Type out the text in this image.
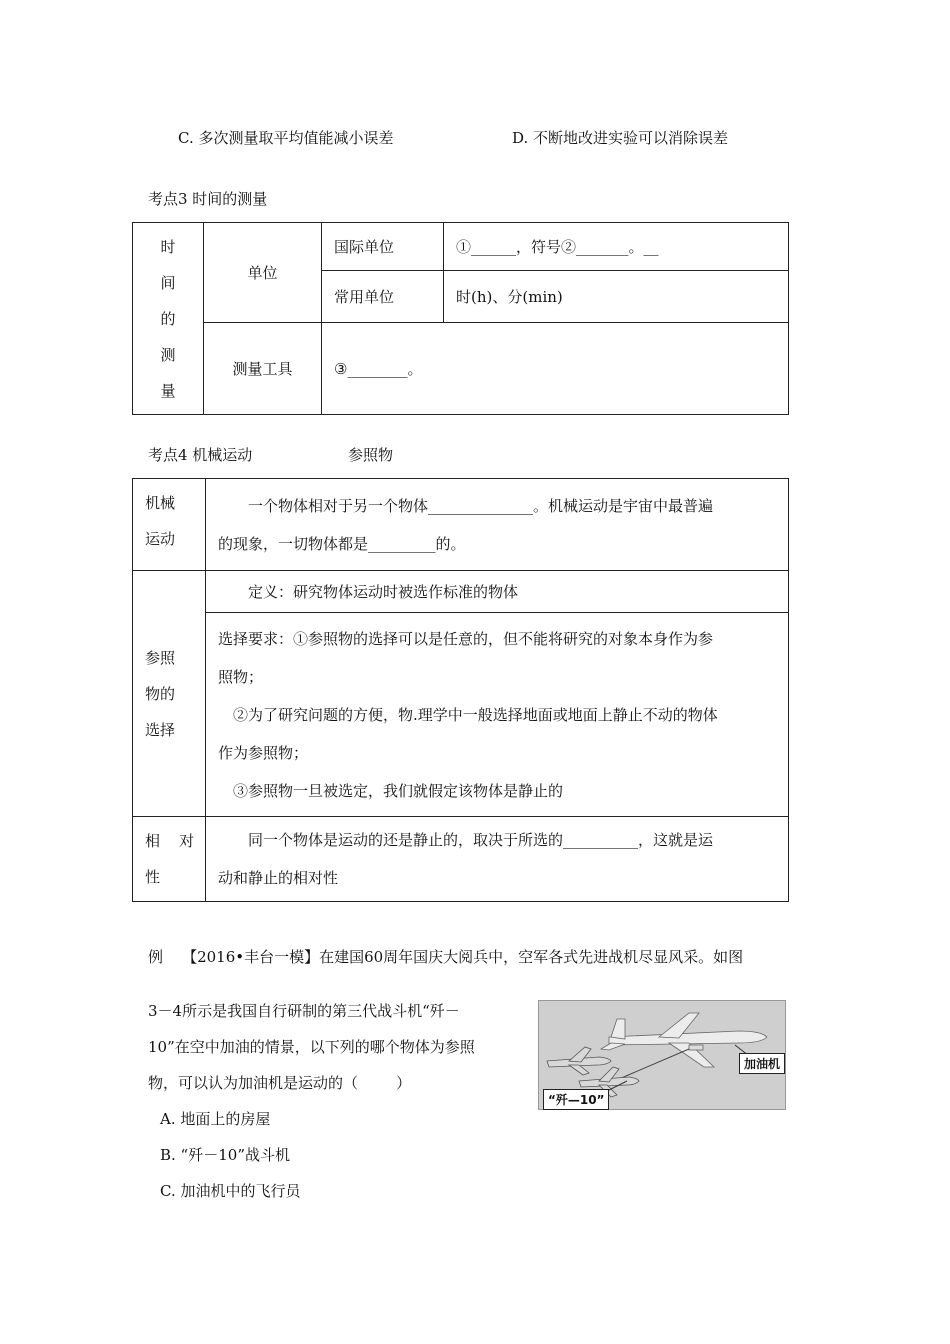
C. 多次测量取平均值能减小误差	D. 不断地改进实验可以消除误差
考点3 时间的测量
时
间
的
测
量	单位	国际单位	①______，符号②_______。__
		常用单位	时(h)、分(min)
	测量工具	③________。	
考点4 机械运动	参照物
机械
运动	一个物体相对于另一个物体______________。机械运动是宇宙中最普遍
的现象，一切物体都是_________的。

参照
物的
选择	定义：研究物体运动时被选作标准的物体

	选择要求：①参照物的选择可以是任意的，但不能将研究的对象本身作为参
照物；
②为了研究问题的方便，物.理学中一般选择地面或地面上静止不动的物体
作为参照物；
③参照物一旦被选定，我们就假定该物体是静止的

相    对
性	同一个物体是运动的还是静止的，取决于所选的__________，这就是运
动和静止的相对性
例    【2016•丰台一模】在建国60周年国庆大阅兵中，空军各式先进战机尽显风采。如图
3－4所示是我国自行研制的第三代战斗机“歼－
10”在空中加油的情景，以下列的哪个物体为参照
物，可以认为加油机是运动的（        ）
A. 地面上的房屋
B. “歼－10”战斗机
C. 加油机中的飞行员
加油机
“歼—10”
